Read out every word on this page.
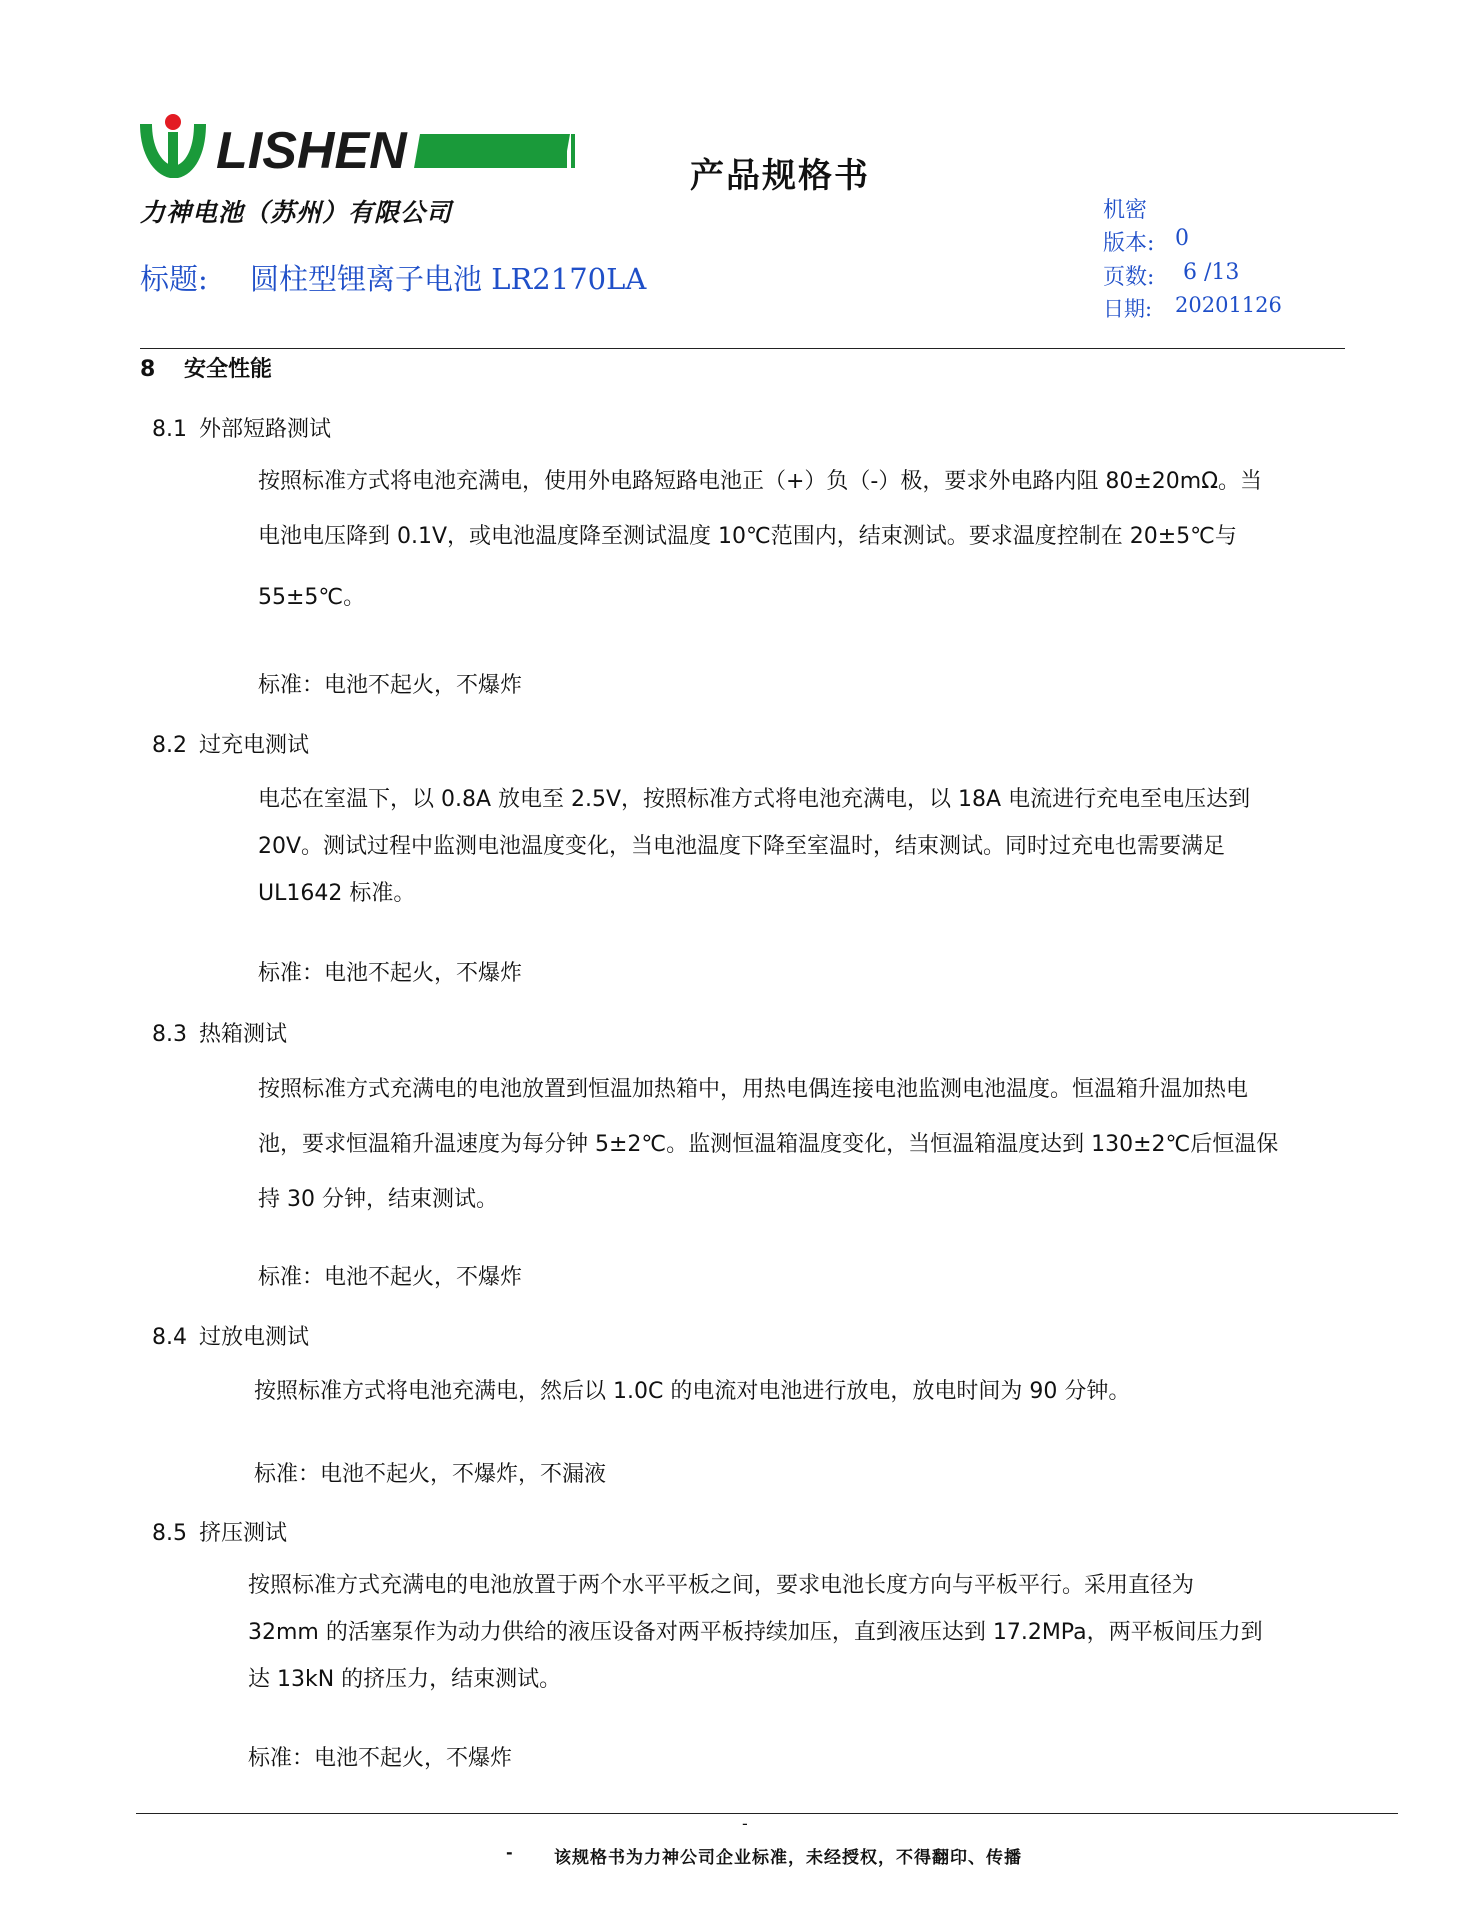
LISHEN
力神电池（苏州）有限公司
产品规格书
标题: 圆柱型锂离子电池 LR2170LA
机密
版本: 0
页数: 6 /13
日期: 20201126
8 安全性能
8.1 外部短路测试
按照标准方式将电池充满电，使用外电路短路电池正（+）负（-）极，要求外电路内阻 80±20mΩ。当
电池电压降到 0.1V，或电池温度降至测试温度 10℃范围内，结束测试。要求温度控制在 20±5℃与
55±5℃。
标准：电池不起火，不爆炸
8.2 过充电测试
电芯在室温下，以 0.8A 放电至 2.5V，按照标准方式将电池充满电，以 18A 电流进行充电至电压达到
20V。测试过程中监测电池温度变化，当电池温度下降至室温时，结束测试。同时过充电也需要满足
UL1642 标准。
标准：电池不起火，不爆炸
8.3 热箱测试
按照标准方式充满电的电池放置到恒温加热箱中，用热电偶连接电池监测电池温度。恒温箱升温加热电
池，要求恒温箱升温速度为每分钟 5±2℃。监测恒温箱温度变化，当恒温箱温度达到 130±2℃后恒温保
持 30 分钟，结束测试。
标准：电池不起火，不爆炸
8.4 过放电测试
按照标准方式将电池充满电，然后以 1.0C 的电流对电池进行放电，放电时间为 90 分钟。
标准：电池不起火，不爆炸，不漏液
8.5 挤压测试
按照标准方式充满电的电池放置于两个水平平板之间，要求电池长度方向与平板平行。采用直径为
32mm 的活塞泵作为动力供给的液压设备对两平板持续加压，直到液压达到 17.2MPa，两平板间压力到
达 13kN 的挤压力，结束测试。
标准：电池不起火，不爆炸
-
- 该规格书为力神公司企业标准，未经授权，不得翻印、传播
